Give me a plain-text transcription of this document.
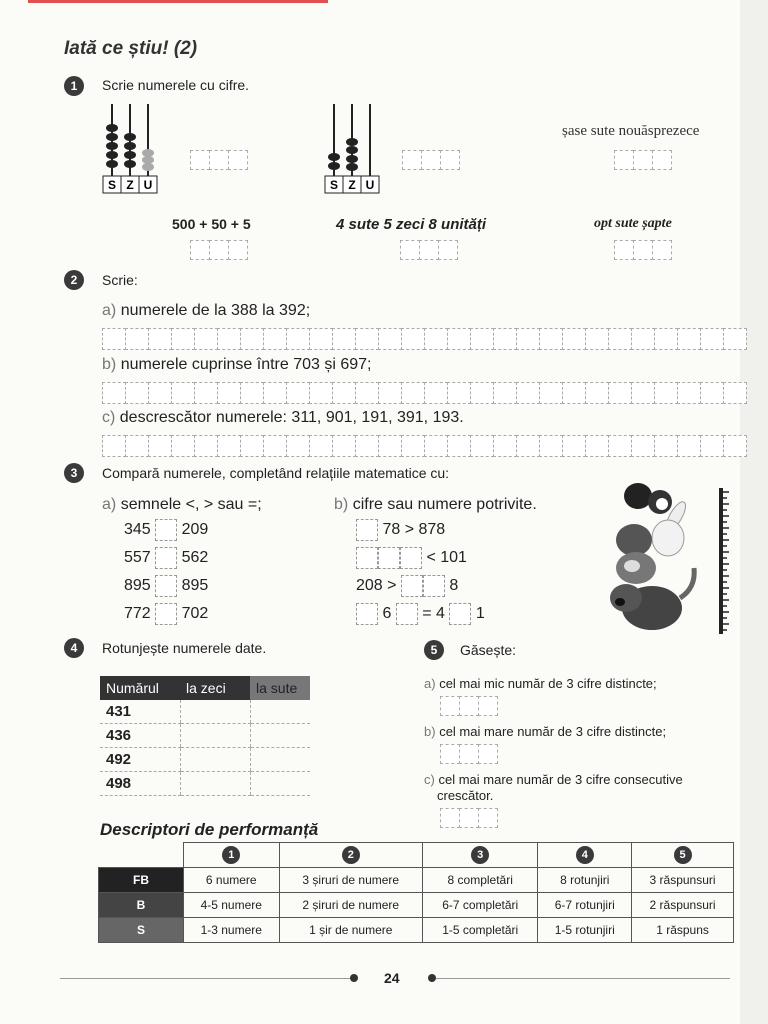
Iată ce știu! (2)
1	Scrie numerele cu cifre.
S Z U	S Z U
șase sute nouăsprezece
500 + 50 + 5	4 sute 5 zeci 8 unități	opt sute șapte
2	Scrie:
a) numerele de la 388 la 392;
b) numerele cuprinse între 703 și 697;
c) descrescător numerele: 311, 901, 191, 391, 193.
3	Compară numerele, completând relațiile matematice cu:
a) semnele <, > sau =;	b) cifre sau numere potrivite.
345 209
557 562
895 895
772 702
78 > 878
< 101
208 >	8
6 = 4 1
4	Rotunjește numerele date.
Numărul	la zeci	la sute
431		
436		
492		
498		
5	Găsește:
a) cel mai mic număr de 3 cifre distincte;
b) cel mai mare număr de 3 cifre distincte;
c) cel mai mare număr de 3 cifre consecutive
crescător.
Descriptori de performanță
	1	2	3	4	5
FB	6 numere	3 șiruri de numere	8 completări	8 rotunjiri	3 răspunsuri
B	4-5 numere	2 șiruri de numere	6-7 completări	6-7 rotunjiri	2 răspunsuri
S	1-3 numere	1 șir de numere	1-5 completări	1-5 rotunjiri	1 răspuns
24
